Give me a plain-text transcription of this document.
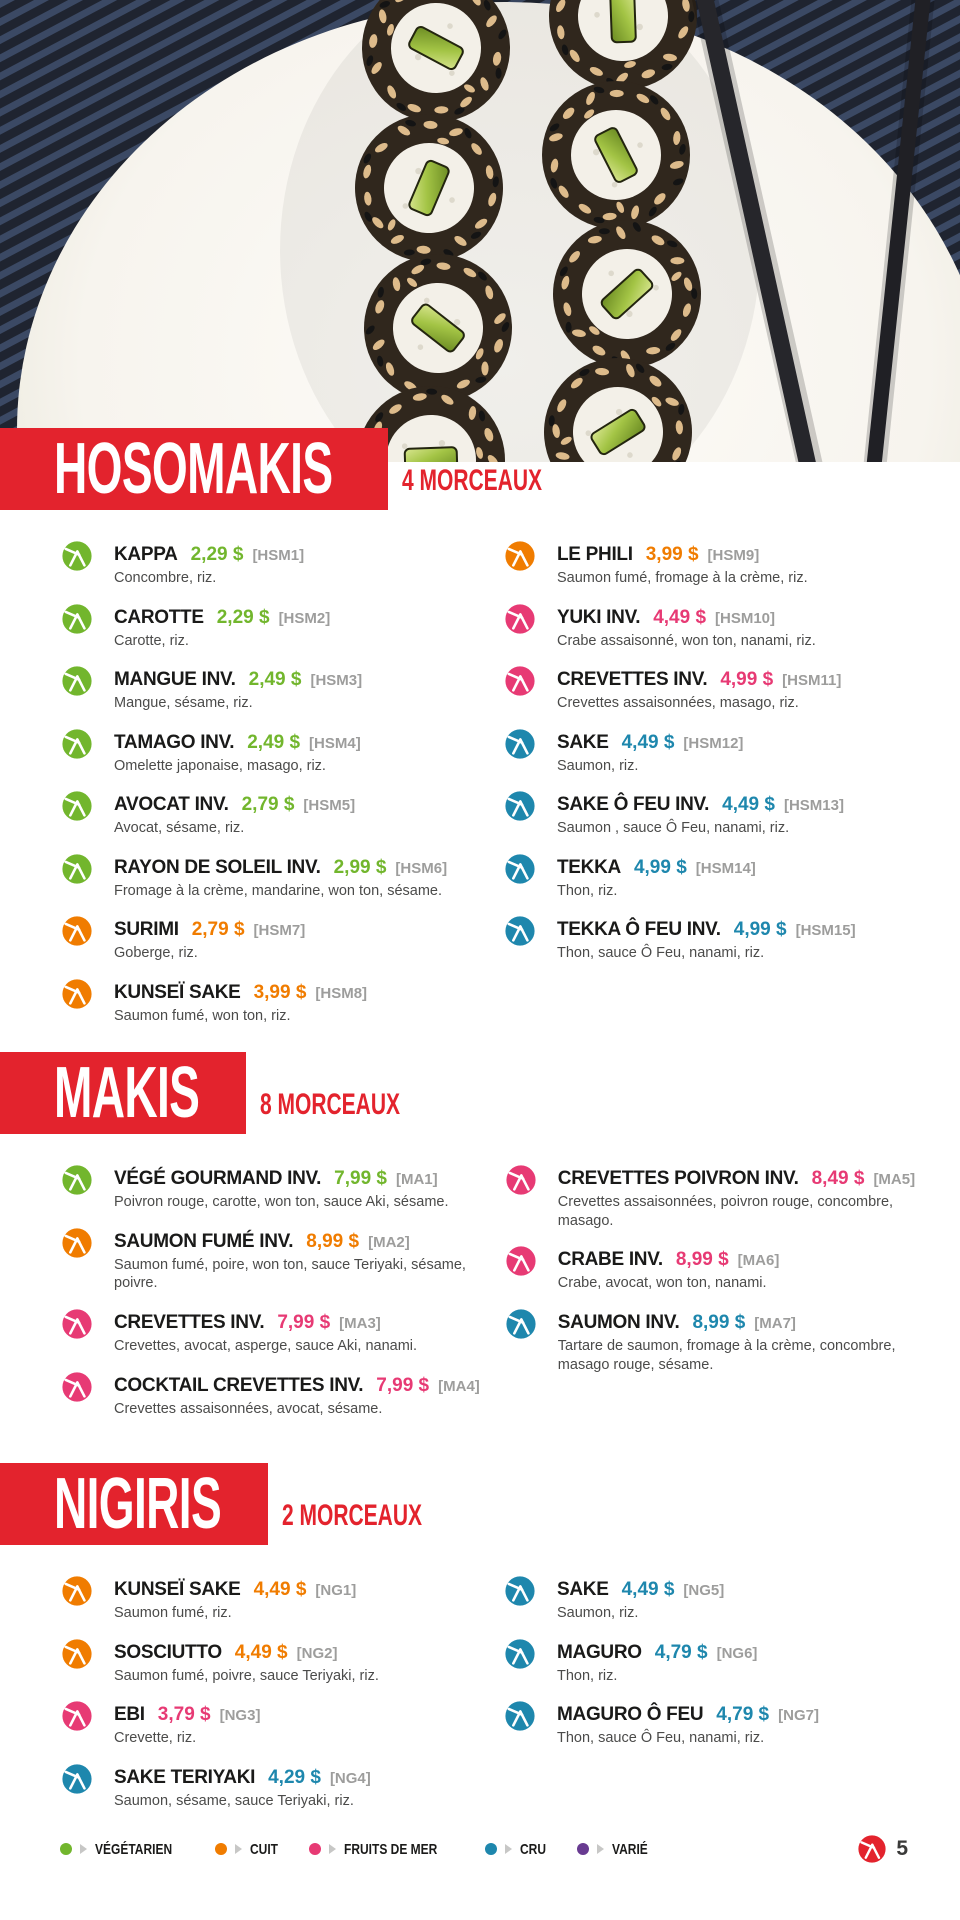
HOSOMAKIS 4 MORCEAUX
KAPPA 2,29 $ [HSM1]
Concombre, riz.
CAROTTE 2,29 $ [HSM2]
Carotte, riz.
MANGUE INV. 2,49 $ [HSM3]
Mangue, sésame, riz.
TAMAGO INV. 2,49 $ [HSM4]
Omelette japonaise, masago, riz.
AVOCAT INV. 2,79 $ [HSM5]
Avocat, sésame, riz.
RAYON DE SOLEIL INV. 2,99 $ [HSM6]
Fromage à la crème, mandarine, won ton, sésame.
SURIMI 2,79 $ [HSM7]
Goberge, riz.
KUNSEÏ SAKE 3,99 $ [HSM8]
Saumon fumé, won ton, riz.
LE PHILI 3,99 $ [HSM9]
Saumon fumé, fromage à la crème, riz.
YUKI INV. 4,49 $ [HSM10]
Crabe assaisonné, won ton, nanami, riz.
CREVETTES INV. 4,99 $ [HSM11]
Crevettes assaisonnées, masago, riz.
SAKE 4,49 $ [HSM12]
Saumon, riz.
SAKE Ô FEU INV. 4,49 $ [HSM13]
Saumon , sauce Ô Feu, nanami, riz.
TEKKA 4,99 $ [HSM14]
Thon, riz.
TEKKA Ô FEU INV. 4,99 $ [HSM15]
Thon, sauce Ô Feu, nanami, riz.
MAKIS 8 MORCEAUX
VÉGÉ GOURMAND INV. 7,99 $ [MA1]
Poivron rouge, carotte, won ton, sauce Aki, sésame.
SAUMON FUMÉ INV. 8,99 $ [MA2]
Saumon fumé, poire, won ton, sauce Teriyaki, sésame, poivre.
CREVETTES INV. 7,99 $ [MA3]
Crevettes, avocat, asperge, sauce Aki, nanami.
COCKTAIL CREVETTES INV. 7,99 $ [MA4]
Crevettes assaisonnées, avocat, sésame.
CREVETTES POIVRON INV. 8,49 $ [MA5]
Crevettes assaisonnées, poivron rouge, concombre, masago.
CRABE INV. 8,99 $ [MA6]
Crabe, avocat, won ton, nanami.
SAUMON INV. 8,99 $ [MA7]
Tartare de saumon, fromage à la crème, concombre, masago rouge, sésame.
NIGIRIS 2 MORCEAUX
KUNSEÏ SAKE 4,49 $ [NG1]
Saumon fumé, riz.
SOSCIUTTO 4,49 $ [NG2]
Saumon fumé, poivre, sauce Teriyaki, riz.
EBI 3,79 $ [NG3]
Crevette, riz.
SAKE TERIYAKI 4,29 $ [NG4]
Saumon, sésame, sauce Teriyaki, riz.
SAKE 4,49 $ [NG5]
Saumon, riz.
MAGURO 4,79 $ [NG6]
Thon, riz.
MAGURO Ô FEU 4,79 $ [NG7]
Thon, sauce Ô Feu, nanami, riz.
VÉGÉTARIEN	CUIT	FRUITS DE MER	CRU	VARIÉ	5
